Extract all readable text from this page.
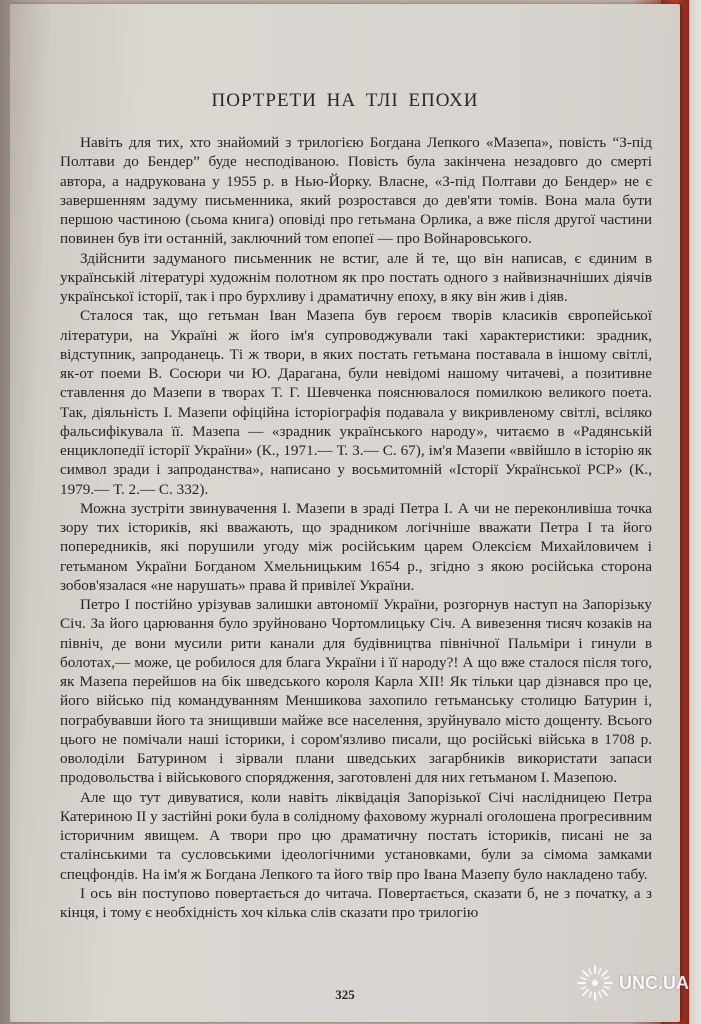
ПОРТРЕТИ НА ТЛІ ЕПОХИ

Навіть для тих, хто знайомий з трилогією Богдана Лепкого «Мазепа», повість “З-під Полтави до Бендер” буде несподіваною. Повість була закінчена незадовго до смерті автора, а надрукована у 1955 р. в Нью-Йорку. Власне, «З-під Полтави до Бендер» не є завершенням задуму письменника, який розростався до дев'яти томів. Вона мала бути першою частиною (сьома книга) оповіді про гетьмана Орлика, а вже після другої частини повинен був іти останній, заключний том епопеї — про Войнаровського.

Здійснити задуманого письменник не встиг, але й те, що він написав, є єдиним в українській літературі художнім полотном як про постать одного з найвизначніших діячів української історії, так і про бурхливу і драматичну епоху, в яку він жив і діяв.

Сталося так, що гетьман Іван Мазепа був героєм творів класиків європейської літератури, на Україні ж його ім'я супроводжували такі характеристики: зрадник, відступник, запроданець. Ті ж твори, в яких постать гетьмана поставала в іншому світлі, як-от поеми В. Сосюри чи Ю. Дарагана, були невідомі нашому читачеві, а позитивне ставлення до Мазепи в творах Т. Г. Шевченка пояснювалося помилкою великого поета. Так, діяльність І. Мазепи офіційна історіографія подавала у викривленому світлі, всіляко фальсифікувала її. Мазепа — «зрадник українського народу», читаємо в «Радянській енциклопедії історії України» (К., 1971.— Т. 3.— С. 67), ім'я Мазепи «ввійшло в історію як символ зради і запроданства», написано у восьмитомній «Історії Української РСР» (К., 1979.— Т. 2.— С. 332).

Можна зустріти звинувачення І. Мазепи в зраді Петра І. А чи не переконливіша точка зору тих істориків, які вважають, що зрадником логічніше вважати Петра І та його попередників, які порушили угоду між російським царем Олексієм Михайловичем і гетьманом України Богданом Хмельницьким 1654 р., згідно з якою російська сторона зобов'язалася «не нарушать» права й привілеї України.

Петро І постійно урізував залишки автономії України, розгорнув наступ на Запорізьку Січ. За його царювання було зруйновано Чортомлицьку Січ. А вивезення тисяч козаків на північ, де вони мусили рити канали для будівництва північної Пальміри і гинули в болотах,— може, це робилося для блага України і її народу?! А що вже сталося після того, як Мазепа перейшов на бік шведського короля Карла XII! Як тільки цар дізнався про це, його військо під командуванням Меншикова захопило гетьманську столицю Батурин і, пограбувавши його та знищивши майже все населення, зруйнувало місто дощенту. Всього цього не помічали наші історики, і сором'язливо писали, що російські війська в 1708 р. оволоділи Батурином і зірвали плани шведських загарбників використати запаси продовольства і військового спорядження, заготовлені для них гетьманом І. Мазепою.

Але що тут дивуватися, коли навіть ліквідація Запорізької Січі наслідницею Петра Катериною II у застійні роки була в солідному фаховому журналі оголошена прогресивним історичним явищем. А твори про цю драматичну постать істориків, писані не за сталінськими та сусловськими ідеологічними установками, були за сімома замками спецфондів. На ім'я ж Богдана Лепкого та його твір про Івана Мазепу було накладено табу.

І ось він поступово повертається до читача. Повертається, сказати б, не з початку, а з кінця, і тому є необхідність хоч кілька слів сказати про трилогію

325
UNC.UA
